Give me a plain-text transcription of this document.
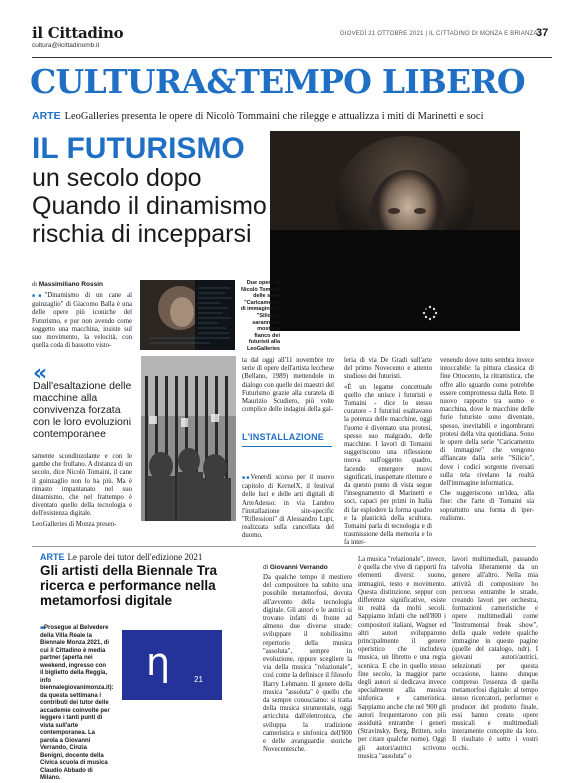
il Cittadino
cultura@ilcittadinomb.it
GIOVEDÌ 21 OTTOBRE 2021 | IL CITTADINO DI MONZA E BRIANZA |
37
CULTURA&TEMPO LIBERO
ARTE LeoGalleries presenta le opere di Nicolò Tommaini che rilegge e attualizza i miti di Marinetti e soci
IL FUTURISMO
un secolo dopo Quando il dinamismo rischia di incepparsi
di Massimiliano Rossin

■■ "Dinamismo di un cane al guinzaglio" di Giacomo Balla è una delle opere più iconiche del Futurismo, e pur non avendo come soggetto una macchina, insiste sul suo movimento, la velocità, con quella coda di bassotto visto-

«
Dall'esaltazione delle macchine alla convivenza forzata con le loro evoluzioni contemporanee

samente scondinzolante e con le gambe che frullano. A distanza di un secolo, dice Nicolò Tomaini, il cane il guinzaglio non lo ha più. Ma è rimasto impantanato nel suo dinamismo, che nel frattempo è diventato quello della tecnologia e dell'esistenza digitale.

LeoGalleries di Monza presen-

Due opere di Nicolò Tomaini delle serie "Caricamento di immagine" e "Silicio": saranno in mostra a fianco dei futuristi alla LeoGalleries

ta dal oggi all'11 novembre tre serie di opere dell'artista lecchese (Bellano, 1989) mettendole in dialogo con quelle dei maestri del Futurismo grazie alla curatela di Maurizio Scudiero, più volte complice delle indagini della gal-

L'INSTALLAZIONE

■■ Venerdì scorso per il nuovo capitolo di KernelX, il festival delle luci e delle arti digitali di ArteAdesso: in via Lambro l'installazione site-specific "Riflessioni" di Alessandro Lupi, realizzata sulla cancellata del duomo.

leria di via De Gradi sull'arte del primo Novecento e attento studioso dei futuristi.

«È un legame concettuale quello che unisce i futuristi e Tomaini - dice lo stesso curatore - I futuristi esaltavano la potenza delle macchine, oggi l'uomo è diventato una protesi, spesso suo malgrado, delle macchine. I lavori di Tomaini suggeriscono una riflessione nuova sull'oggetto quadro, facendo emergere nuovi significati, inaspettate riletture e da questo punto di vista segue l'insegnamento di Marinetti e soci, capaci per primi in Italia di far esplodere la forma quadro e la plasticità della scultura. Tomaini parla di tecnologia e di trasmissione della memoria e lo fa inter-

venendo dove tutto sembra invece intoccabile: la pittura classica di fine Ottocento, la ritrattistica, che offre allo sguardo come potrebbe essere compromessa dalla Rete. Il nuovo rapporto tra uomo e macchina, dove le macchine delle furie futuriste sono diventate, spesso, inevitabili e ingombranti protesi della vita quotidiana. Sono le opere della serie "Caricamento di immagine" che vengono affiancate dalla serie "Silicio", dove i codici sorgente riversati sulla tela rivelano la realtà dell'immagine informatica.

Che suggeriscono un'idea, alla fine: che l'arte di Tomaini sia soprattutto una forma di iper-realismo.

ARTE Le parole dei tutor dell'edizione 2021
Gli artisti della Biennale Tra ricerca e performance nella metamorfosi digitale

■■ Prosegue al Belvedere della Villa Reale la Biennale Monza 2021, di cui il Cittadino è media partner (aperta nei weekend, ingresso con il biglietto della Reggia, info biennalegiovanimonza.it): da questa settimana i contributi dei tutor delle accademie coinvolte per leggere i tanti punti di vista sull'arte contemporanea. La parola a Giovanni Verrando, Cinzia Benigni, docente della Civica scuola di musica Claudio Abbado di Milano.

η	21
di Giovanni Verrando

Da qualche tempo il mestiere del compositore ha subito una possibile metamorfosi, dovuta all'avvento della tecnologia digitale. Gli autori e le autrici si trovano infatti di fronte ad almeno due diverse strade: sviluppare il nobilissimo repertorio della musica "assoluta", sempre in evoluzione, oppure scegliere la via della musica "relazionale", così come la definisce il filosofo Harry Lehmann. Il genere della musica "assoluta" è quello che da sempre conosciamo: si tratta della musica strumentale, oggi arricchita dall'elettronica, che sviluppa la tradizione camerística e sinfonica dell'800 e delle avanguardie storiche Novecentesche.

La musica "relazionale", invece, è quella che vive di rapporti fra elementi diversi: suono, immagini, testo e movimento. Questa distinzione, seppur con differenze significative, esiste in realtà da molti secoli. Sappiamo infatti che nell'800 i compositori italiani, Wagner ed altri autori svilupparono principalmente il genere operistico che includeva musica, un libretto e una regia scenica. E che in quello stesso fine secolo, la maggior parte degli autori si dedicava invece specialmente alla musica sinfonica e cameristica. Sappiamo anche che nel '900 gli autori frequentarono con più assiduità entrambe i generi (Stravinsky, Berg, Britten, solo per citare qualche nome). Oggi gli autori/autrici scrivono musica "assoluta" o

lavori multimediali, passando talvolta liberamente da un genere all'altro. Nella mia attività di compositore ho percorso entrambe le strade, creando lavori per orchestra, formazioni cameristiche e opere multimediali come "Instrumental freak show", della quale vedete qualche immagine in queste pagine (quelle del catalogo, ndr). I giovani autori/autrici, selezionati per questa occasione, hanno dunque compreso l'essenza di quella metamorfosi digitale: al tempo stesso ricercatori, performer e producer del prodotto finale, essi hanno creato opere musicali e multimediali interamente concepite da loro. Il risultato è sotto i vostri occhi.
